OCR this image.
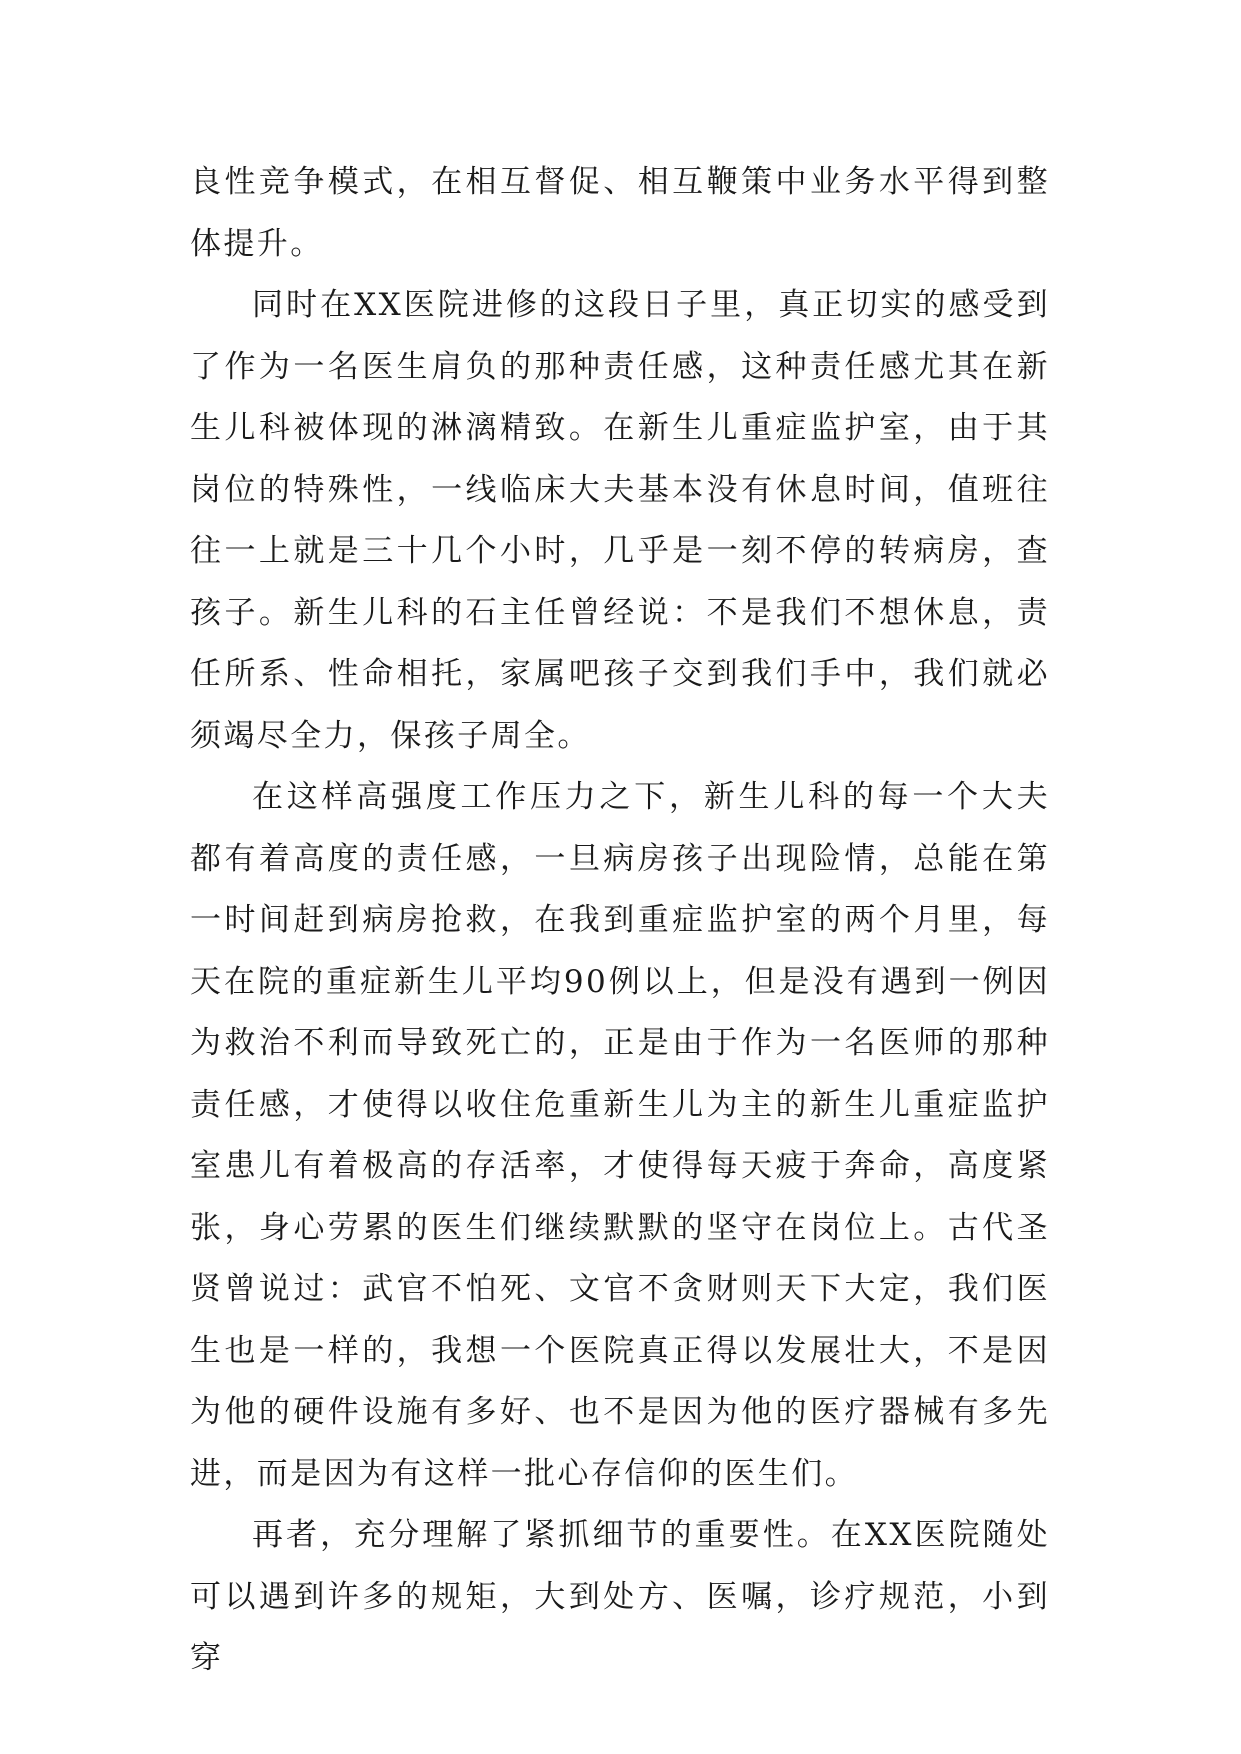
良性竞争模式，在相互督促、相互鞭策中业务水平得到整体提升。

同时在XX医院进修的这段日子里，真正切实的感受到了作为一名医生肩负的那种责任感，这种责任感尤其在新生儿科被体现的淋漓精致。在新生儿重症监护室，由于其岗位的特殊性，一线临床大夫基本没有休息时间，值班往往一上就是三十几个小时，几乎是一刻不停的转病房，查孩子。新生儿科的石主任曾经说：不是我们不想休息，责任所系、性命相托，家属吧孩子交到我们手中，我们就必须竭尽全力，保孩子周全。

在这样高强度工作压力之下，新生儿科的每一个大夫都有着高度的责任感，一旦病房孩子出现险情，总能在第一时间赶到病房抢救，在我到重症监护室的两个月里，每天在院的重症新生儿平均90例以上，但是没有遇到一例因为救治不利而导致死亡的，正是由于作为一名医师的那种责任感，才使得以收住危重新生儿为主的新生儿重症监护室患儿有着极高的存活率，才使得每天疲于奔命，高度紧张，身心劳累的医生们继续默默的坚守在岗位上。古代圣贤曾说过：武官不怕死、文官不贪财则天下大定，我们医生也是一样的，我想一个医院真正得以发展壮大，不是因为他的硬件设施有多好、也不是因为他的医疗器械有多先进，而是因为有这样一批心存信仰的医生们。

再者，充分理解了紧抓细节的重要性。在XX医院随处可以遇到许多的规矩，大到处方、医嘱，诊疗规范，小到穿
